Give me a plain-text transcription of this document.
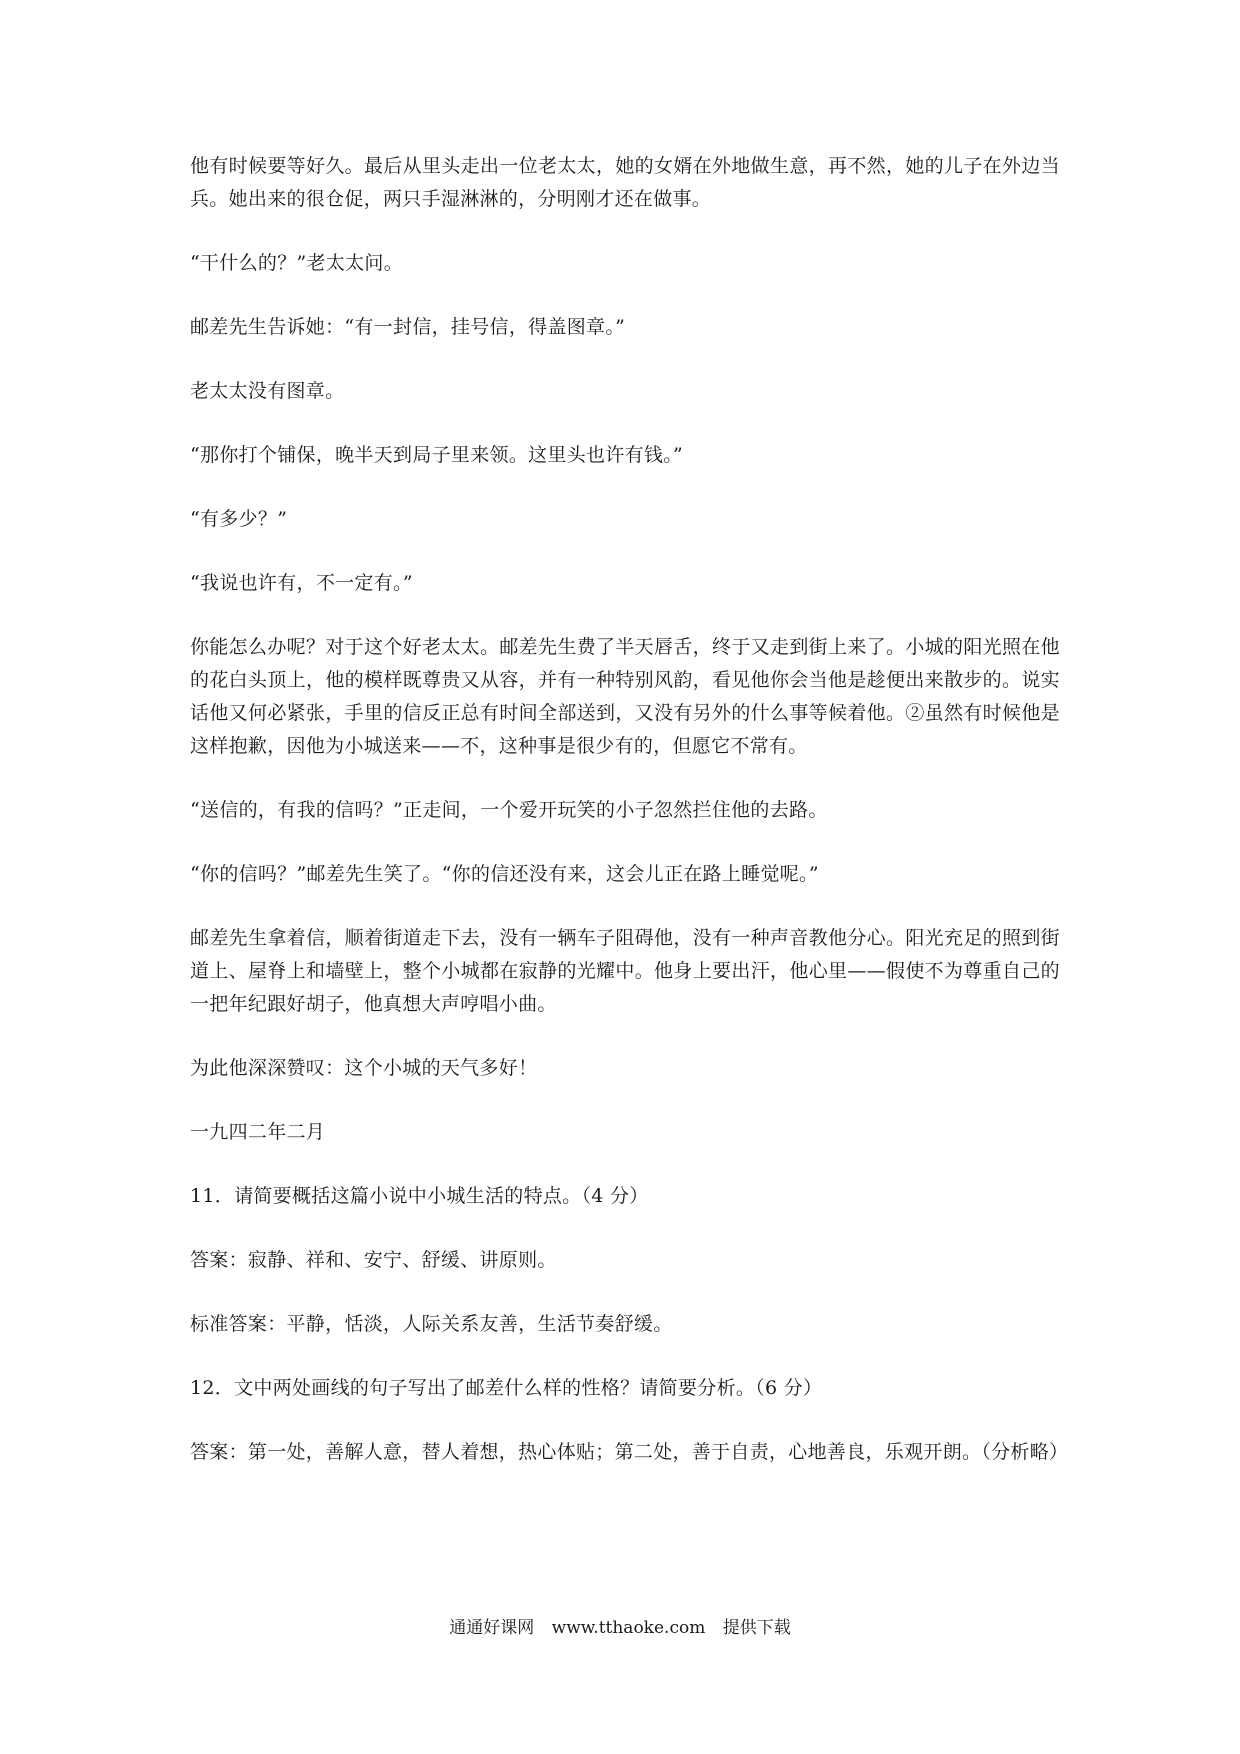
他有时候要等好久。最后从里头走出一位老太太，她的女婿在外地做生意，再不然，她的儿子在外边当兵。她出来的很仓促，两只手湿淋淋的，分明刚才还在做事。

“干什么的？”老太太问。

邮差先生告诉她：“有一封信，挂号信，得盖图章。”

老太太没有图章。

“那你打个铺保，晚半天到局子里来领。这里头也许有钱。”

“有多少？”

“我说也许有，不一定有。”

你能怎么办呢？对于这个好老太太。邮差先生费了半天唇舌，终于又走到街上来了。小城的阳光照在他的花白头顶上，他的模样既尊贵又从容，并有一种特别风韵，看见他你会当他是趁便出来散步的。说实话他又何必紧张，手里的信反正总有时间全部送到，又没有另外的什么事等候着他。②虽然有时候他是这样抱歉，因他为小城送来——不，这种事是很少有的，但愿它不常有。

“送信的，有我的信吗？”正走间，一个爱开玩笑的小子忽然拦住他的去路。

“你的信吗？”邮差先生笑了。“你的信还没有来，这会儿正在路上睡觉呢。”

邮差先生拿着信，顺着街道走下去，没有一辆车子阻碍他，没有一种声音教他分心。阳光充足的照到街道上、屋脊上和墙壁上，整个小城都在寂静的光耀中。他身上要出汗，他心里——假使不为尊重自己的一把年纪跟好胡子，他真想大声哼唱小曲。

为此他深深赞叹：这个小城的天气多好！

一九四二年二月

11．请简要概括这篇小说中小城生活的特点。（4 分）

答案：寂静、祥和、安宁、舒缓、讲原则。

标准答案：平静，恬淡，人际关系友善，生活节奏舒缓。

12．文中两处画线的句子写出了邮差什么样的性格？请简要分析。（6 分）

答案：第一处，善解人意，替人着想，热心体贴；第二处，善于自责，心地善良，乐观开朗。（分析略）

通通好课网 www.tthaoke.com 提供下载
